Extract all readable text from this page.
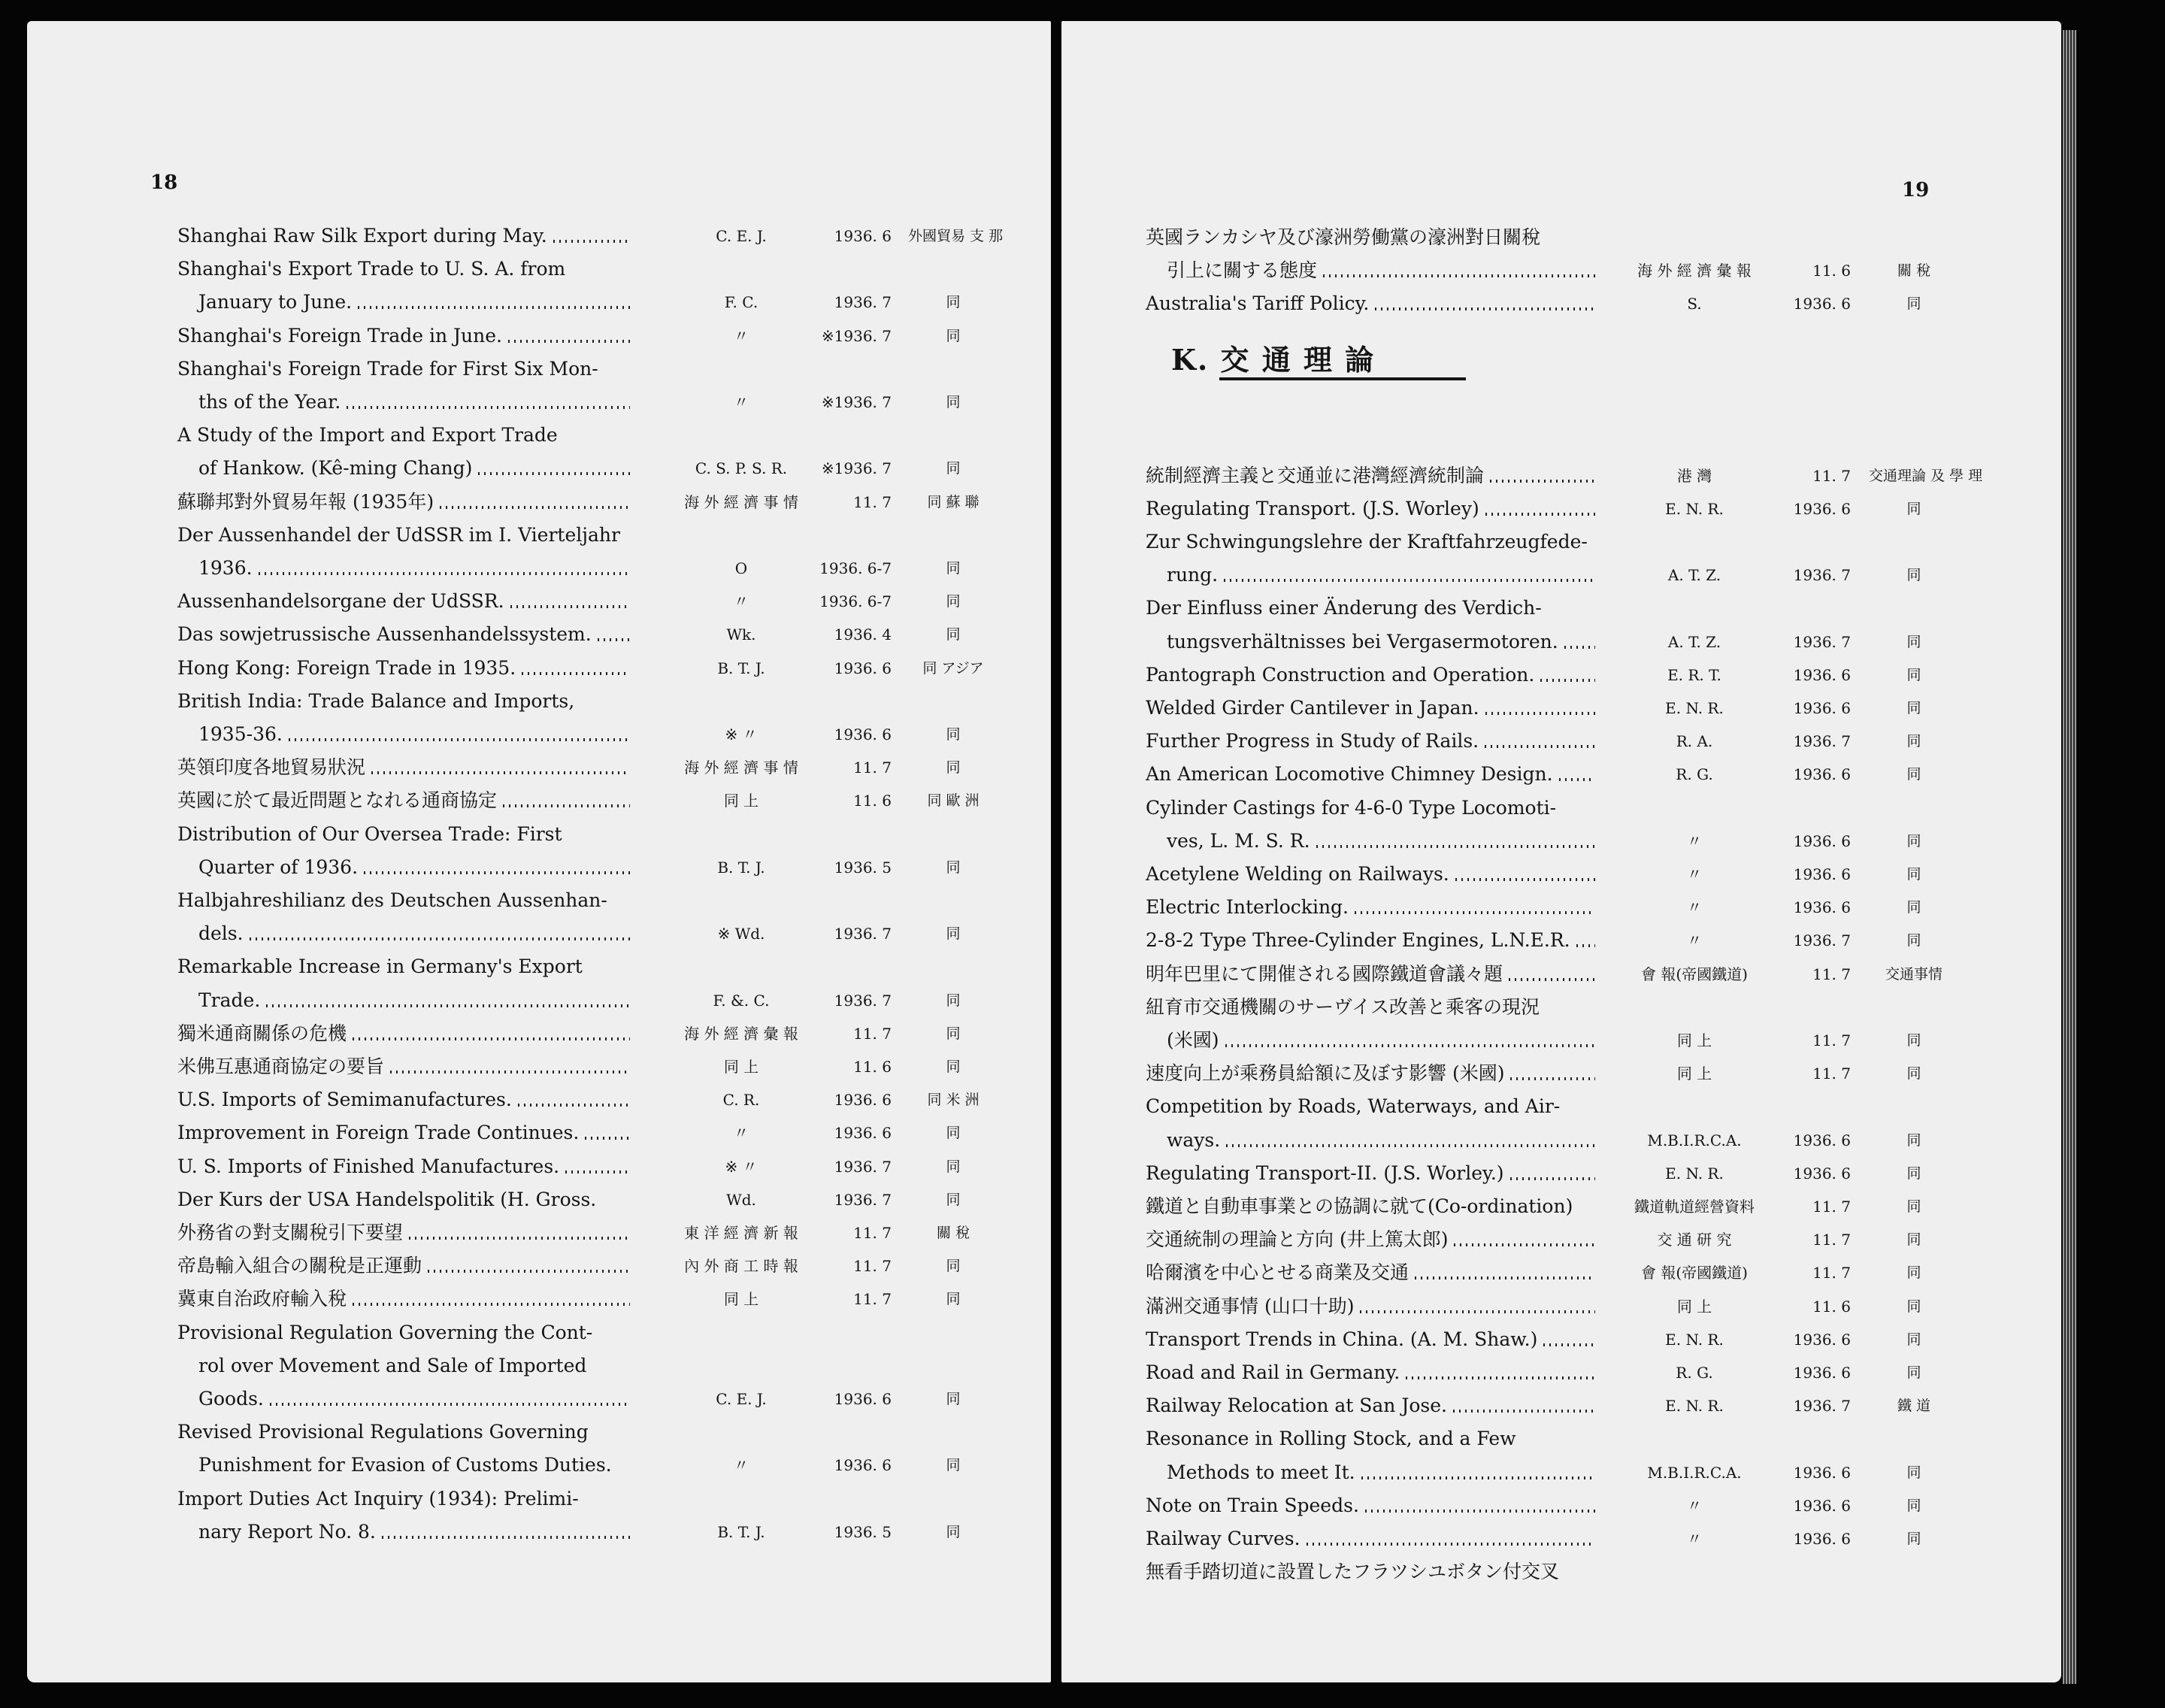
18	19
K. 交 通 理 論
Shanghai Raw Silk Export during May.	C. E. J.	1936. 6 外國貿易 支 那
Shanghai's Export Trade to U. S. A. from
January to June.	F. C.	1936. 7	同
Shanghai's Foreign Trade in June.	〃	※1936. 7	同
Shanghai's Foreign Trade for First Six Mon-
ths of the Year.	〃	※1936. 7	同
A Study of the Import and Export Trade
of Hankow. (Kê-ming Chang)	C. S. P. S. R.	※1936. 7	同
蘇聯邦對外貿易年報 (1935年)	海 外 經 濟 事 情	11. 7	同 蘇 聯
Der Aussenhandel der UdSSR im I. Vierteljahr
1936.	O	1936. 6-7	同
Aussenhandelsorgane der UdSSR.	〃	1936. 6-7	同
Das sowjetrussische Aussenhandelssystem.	Wk.	1936. 4	同
Hong Kong: Foreign Trade in 1935.	B. T. J.	1936. 6	同 アジア
British India: Trade Balance and Imports,
1935-36.	※ 〃	1936. 6	同
英領印度各地貿易狀況	海 外 經 濟 事 情	11. 7	同
英國に於て最近問題となれる通商協定	同 上	11. 6	同 歐 洲
Distribution of Our Oversea Trade: First
Quarter of 1936.	B. T. J.	1936. 5	同
Halbjahreshilianz des Deutschen Aussenhan-
dels.	※ Wd.	1936. 7	同
Remarkable Increase in Germany's Export
Trade.	F. &. C.	1936. 7	同
獨米通商關係の危機	海 外 經 濟 彙 報	11. 7	同
米佛互惠通商協定の要旨	同 上	11. 6	同
U.S. Imports of Semimanufactures.	C. R.	1936. 6	同 米 洲
Improvement in Foreign Trade Continues.	〃	1936. 6	同
U. S. Imports of Finished Manufactures.	※ 〃	1936. 7	同
Der Kurs der USA Handelspolitik (H. Gross.	Wd.	1936. 7	同
外務省の對支關稅引下要望	東 洋 經 濟 新 報	11. 7	關 稅
帝島輸入組合の關稅是正運動	內 外 商 工 時 報	11. 7	同
冀東自治政府輸入稅	同 上	11. 7	同
Provisional Regulation Governing the Cont-
rol over Movement and Sale of Imported
Goods.	C. E. J.	1936. 6	同
Revised Provisional Regulations Governing
Punishment for Evasion of Customs Duties.	〃	1936. 6	同
Import Duties Act Inquiry (1934): Prelimi-
nary Report No. 8.	B. T. J.	1936. 5	同
英國ランカシヤ及び濠洲勞働黨の濠洲對日關稅
引上に關する態度	海 外 經 濟 彙 報	11. 6	關 稅
Australia's Tariff Policy.	S.	1936. 6	同
統制經濟主義と交通並に港灣經濟統制論	港 灣	11. 7 交通理論 及 學 理
Regulating Transport. (J.S. Worley)	E. N. R.	1936. 6	同
Zur Schwingungslehre der Kraftfahrzeugfede-
rung.	A. T. Z.	1936. 7	同
Der Einfluss einer Änderung des Verdich-
tungsverhältnisses bei Vergasermotoren.	A. T. Z.	1936. 7	同
Pantograph Construction and Operation.	E. R. T.	1936. 6	同
Welded Girder Cantilever in Japan.	E. N. R.	1936. 6	同
Further Progress in Study of Rails.	R. A.	1936. 7	同
An American Locomotive Chimney Design.	R. G.	1936. 6	同
Cylinder Castings for 4-6-0 Type Locomoti-
ves, L. M. S. R.	〃	1936. 6	同
Acetylene Welding on Railways.	〃	1936. 6	同
Electric Interlocking.	〃	1936. 6	同
2-8-2 Type Three-Cylinder Engines, L.N.E.R.	〃	1936. 7	同
明年巴里にて開催される國際鐵道會議々題	會 報(帝國鐵道)	11. 7	交通事情
紐育市交通機關のサーヴイス改善と乘客の現況
(米國)	同 上	11. 7	同
速度向上が乘務員給額に及ぼす影響 (米國)	同 上	11. 7	同
Competition by Roads, Waterways, and Air-
ways.	M.B.I.R.C.A.	1936. 6	同
Regulating Transport-II. (J.S. Worley.)	E. N. R.	1936. 6	同
鐵道と自動車事業との協調に就て(Co-ordination)	鐵道軌道經營資料	11. 7	同
交通統制の理論と方向 (井上篤太郎)	交 通 研 究	11. 7	同
哈爾濱を中心とせる商業及交通	會 報(帝國鐵道)	11. 7	同
滿洲交通事情 (山口十助)	同 上	11. 6	同
Transport Trends in China. (A. M. Shaw.)	E. N. R.	1936. 6	同
Road and Rail in Germany.	R. G.	1936. 6	同
Railway Relocation at San Jose.	E. N. R.	1936. 7	鐵 道
Resonance in Rolling Stock, and a Few
Methods to meet It.	M.B.I.R.C.A.	1936. 6	同
Note on Train Speeds.	〃	1936. 6	同
Railway Curves.	〃	1936. 6	同
無看手踏切道に設置したフラツシユボタン付交叉
